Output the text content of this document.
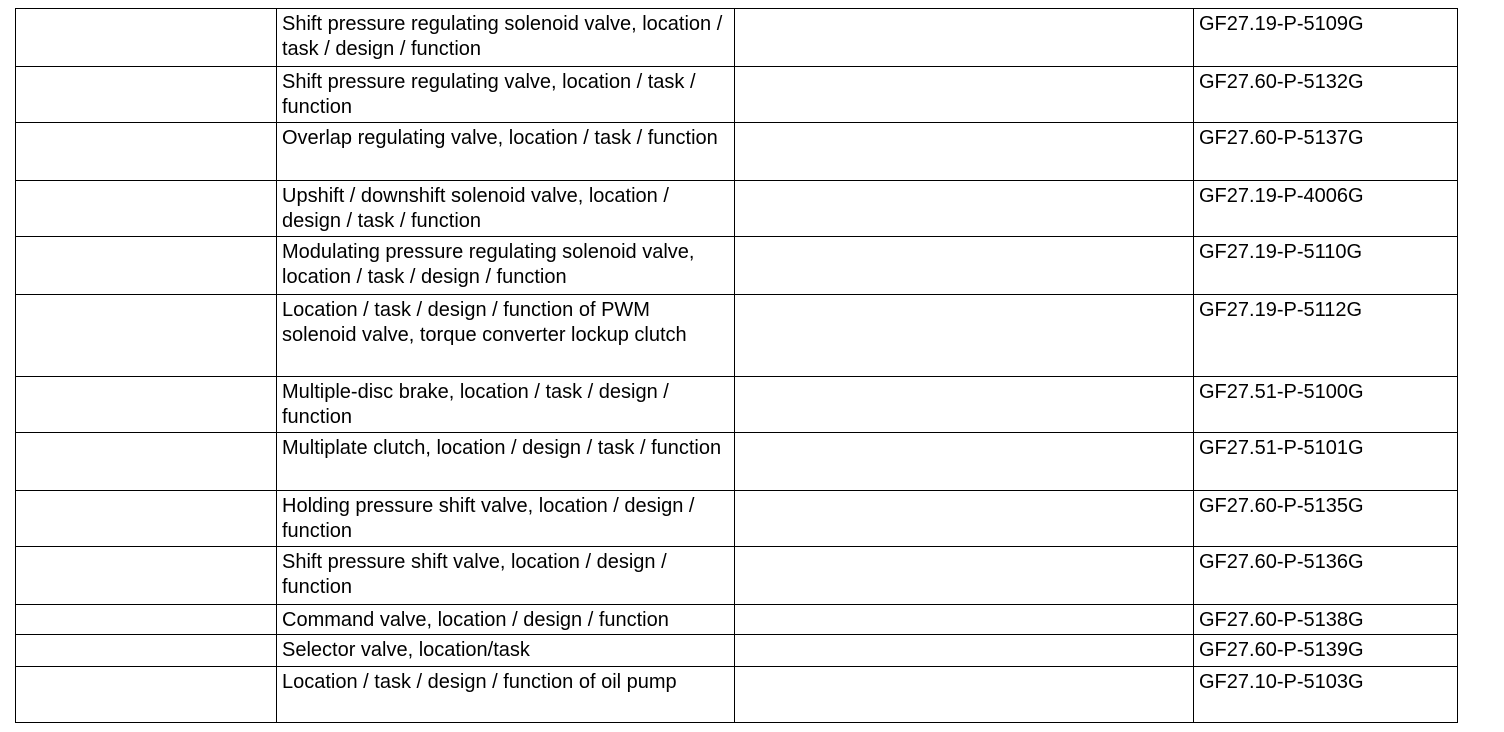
	Shift pressure regulating solenoid valve, location / task / design / function		GF27.19-P-5109G
	Shift pressure regulating valve, location / task / function		GF27.60-P-5132G
	Overlap regulating valve, location / task / function		GF27.60-P-5137G
	Upshift / downshift solenoid valve, location / design / task / function		GF27.19-P-4006G
	Modulating pressure regulating solenoid valve, location / task / design / function		GF27.19-P-5110G
	Location / task / design / function of PWM solenoid valve, torque converter lockup clutch		GF27.19-P-5112G
	Multiple-disc brake, location / task / design / function		GF27.51-P-5100G
	Multiplate clutch, location / design / task / function		GF27.51-P-5101G
	Holding pressure shift valve, location / design / function		GF27.60-P-5135G
	Shift pressure shift valve, location / design / function		GF27.60-P-5136G
	Command valve, location / design / function		GF27.60-P-5138G
	Selector valve, location/task		GF27.60-P-5139G
	Location / task / design / function of oil pump		GF27.10-P-5103G
